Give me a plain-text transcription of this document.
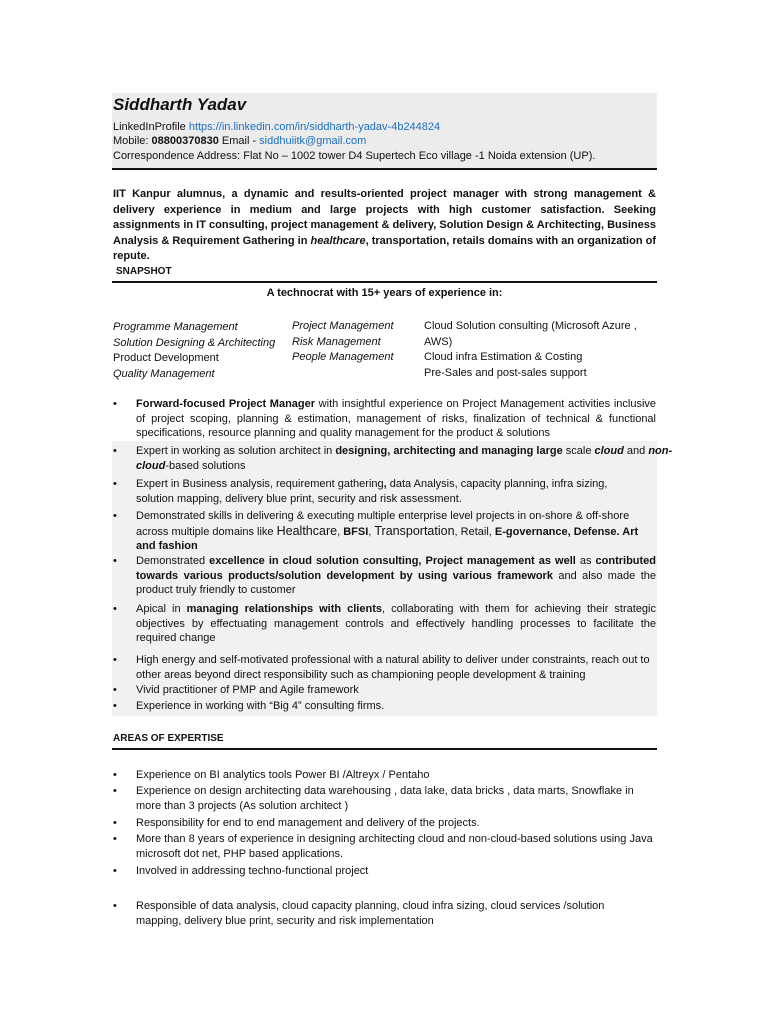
Siddharth Yadav
LinkedInProfile https://in.linkedin.com/in/siddharth-yadav-4b244824
Mobile: 08800370830 Email - siddhuiitk@gmail.com
Correspondence Address: Flat No – 1002 tower D4 Supertech Eco village -1 Noida extension (UP).
IIT Kanpur alumnus, a dynamic and results-oriented project manager with strong management & delivery experience in medium and large projects with high customer satisfaction. Seeking assignments in IT consulting, project management & delivery, Solution Design & Architecting, Business Analysis & Requirement Gathering in healthcare, transportation, retails domains with an organization of repute.
SNAPSHOT
A technocrat with 15+ years of experience in:
Programme Management
Solution Designing & Architecting
Product Development
Quality Management
Project Management
Risk Management
People Management
Cloud Solution consulting (Microsoft Azure ,
AWS)
Cloud infra Estimation & Costing
Pre-Sales and post-sales support
• Forward-focused Project Manager with insightful experience on Project Management activities inclusive of project scoping, planning & estimation, management of risks, finalization of technical & functional specifications, resource planning and quality management for the product & solutions
• Expert in working as solution architect in designing, architecting and managing large scale cloud and non-cloud-based solutions
• Expert in Business analysis, requirement gathering, data Analysis, capacity planning, infra sizing, solution mapping, delivery blue print, security and risk assessment.
• Demonstrated skills in delivering & executing multiple enterprise level projects in on-shore & off-shore across multiple domains like Healthcare, BFSI, Transportation, Retail, E-governance, Defense. Art and fashion
• Demonstrated excellence in cloud solution consulting, Project management as well as contributed towards various products/solution development by using various framework and also made the product truly friendly to customer
• Apical in managing relationships with clients, collaborating with them for achieving their strategic objectives by effectuating management controls and effectively handling processes to facilitate the required change
• High energy and self-motivated professional with a natural ability to deliver under constraints, reach out to other areas beyond direct responsibility such as championing people development & training
• Vivid practitioner of PMP and Agile framework
• Experience in working with “Big 4” consulting firms.
AREAS OF EXPERTISE
• Experience on BI analytics tools Power BI /Altreyx / Pentaho
• Experience on design architecting data warehousing , data lake, data bricks , data marts, Snowflake in more than 3 projects (As solution architect )
• Responsibility for end to end management and delivery of the projects.
• More than 8 years of experience in designing architecting cloud and non-cloud-based solutions using Java microsoft dot net, PHP based applications.
• Involved in addressing techno-functional project
• Responsible of data analysis, cloud capacity planning, cloud infra sizing, cloud services /solution mapping, delivery blue print, security and risk implementation
